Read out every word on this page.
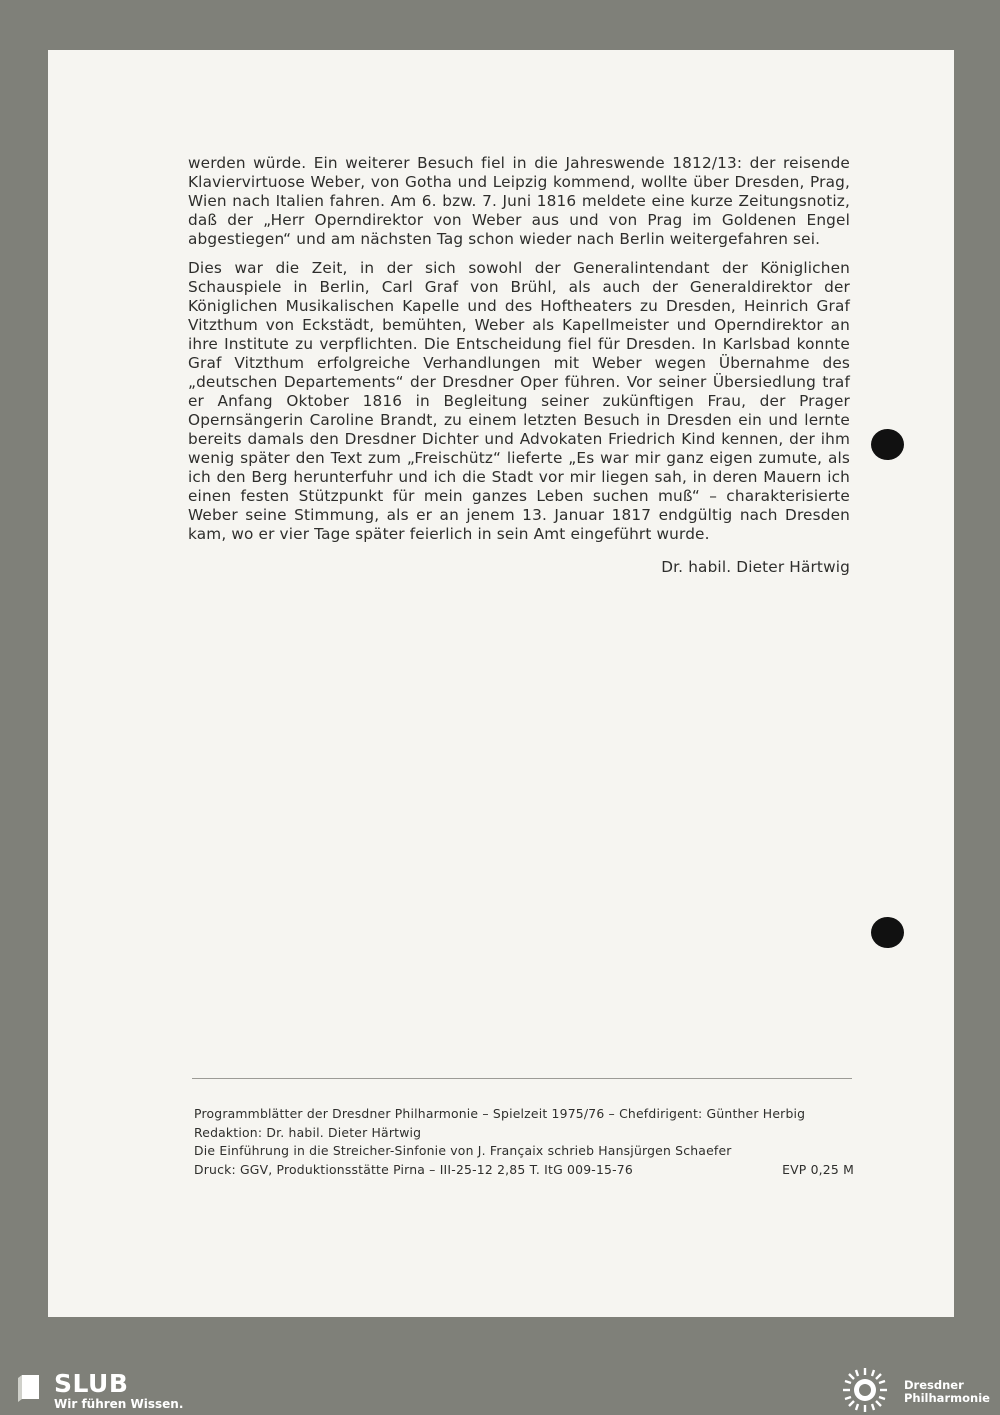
werden würde. Ein weiterer Besuch fiel in die Jahreswende 1812/13: der reisende Klaviervirtuose Weber, von Gotha und Leipzig kommend, wollte über Dresden, Prag, Wien nach Italien fahren. Am 6. bzw. 7. Juni 1816 meldete eine kurze Zeitungsnotiz, daß der „Herr Operndirektor von Weber aus und von Prag im Goldenen Engel abgestiegen“ und am nächsten Tag schon wieder nach Berlin weitergefahren sei.

Dies war die Zeit, in der sich sowohl der Generalintendant der Königlichen Schauspiele in Berlin, Carl Graf von Brühl, als auch der Generaldirektor der Königlichen Musikalischen Kapelle und des Hoftheaters zu Dresden, Heinrich Graf Vitzthum von Eckstädt, bemühten, Weber als Kapellmeister und Operndirektor an ihre Institute zu verpflichten. Die Entscheidung fiel für Dresden. In Karlsbad konnte Graf Vitzthum erfolgreiche Verhandlungen mit Weber wegen Übernahme des „deutschen Departements“ der Dresdner Oper führen. Vor seiner Übersiedlung traf er Anfang Oktober 1816 in Begleitung seiner zukünftigen Frau, der Prager Opernsängerin Caroline Brandt, zu einem letzten Besuch in Dresden ein und lernte bereits damals den Dresdner Dichter und Advokaten Friedrich Kind kennen, der ihm wenig später den Text zum „Freischütz“ lieferte „Es war mir ganz eigen zumute, als ich den Berg herunterfuhr und ich die Stadt vor mir liegen sah, in deren Mauern ich einen festen Stützpunkt für mein ganzes Leben suchen muß“ – charakterisierte Weber seine Stimmung, als er an jenem 13. Januar 1817 endgültig nach Dresden kam, wo er vier Tage später feierlich in sein Amt eingeführt wurde.

Dr. habil. Dieter Härtwig
Programmblätter der Dresdner Philharmonie – Spielzeit 1975/76 – Chefdirigent: Günther Herbig
Redaktion: Dr. habil. Dieter Härtwig
Die Einführung in die Streicher-Sinfonie von J. Françaix schrieb Hansjürgen Schaefer
Druck: GGV, Produktionsstätte Pirna – III-25-12 2,85 T. ItG 009-15-76	EVP 0,25 M
SLUB
Wir führen Wissen.
Dresdner
Philharmonie
